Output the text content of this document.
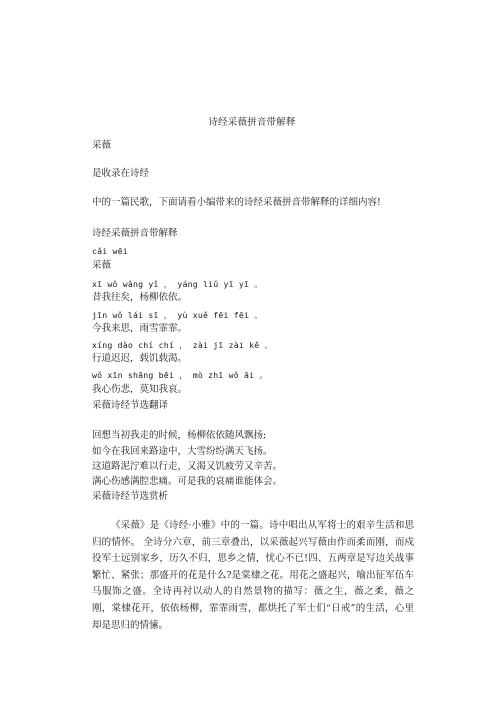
诗经采薇拼音带解释
采薇
是收录在诗经
中的一篇民歌，下面请看小编带来的诗经采薇拼音带解释的详细内容!
诗经采薇拼音带解释
cǎi wēi
采薇
xī wǒ wǎng yǐ ， yáng liǔ yī yī 。
昔我往矣，杨柳依依。
jīn wǒ lái sī ， yù xuě fēi fēi 。
今我来思，雨雪霏霏。
xíng dào chí chí ， zài jī zài kě 。
行道迟迟，载饥载渴。
wǒ xīn shāng bēi ， mò zhī wǒ āi 。
我心伤悲，莫知我哀。
采薇诗经节选翻译
回想当初我走的时候，杨柳依依随风飘扬;
如今在我回来路途中，大雪纷纷满天飞扬。
这道路泥泞难以行走，又渴又饥疲劳又辛苦。
满心伤感满腔悲痛。可是我的哀痛谁能体会。
采薇诗经节选赏析
《采薇》是《诗经·小雅》中的一篇。诗中唱出从军将士的艰辛生活和思归的情怀。 全诗分六章，前三章叠出，以采薇起兴写薇由作而柔而刚，而戍役军士远别家乡，历久不归，思乡之情，忧心不已!四、五两章是写边关战事繁忙、紧张；那盛开的花是什么?是棠棣之花。用花之盛起兴，喻出征军伍车马服饰之盛。全诗再衬以动人的自然景物的描写：薇之生，薇之柔，薇之刚，棠棣花开，依依杨柳，霏霏雨雪，都烘托了军士们“日戒”的生活，心里却是思归的情愫。
